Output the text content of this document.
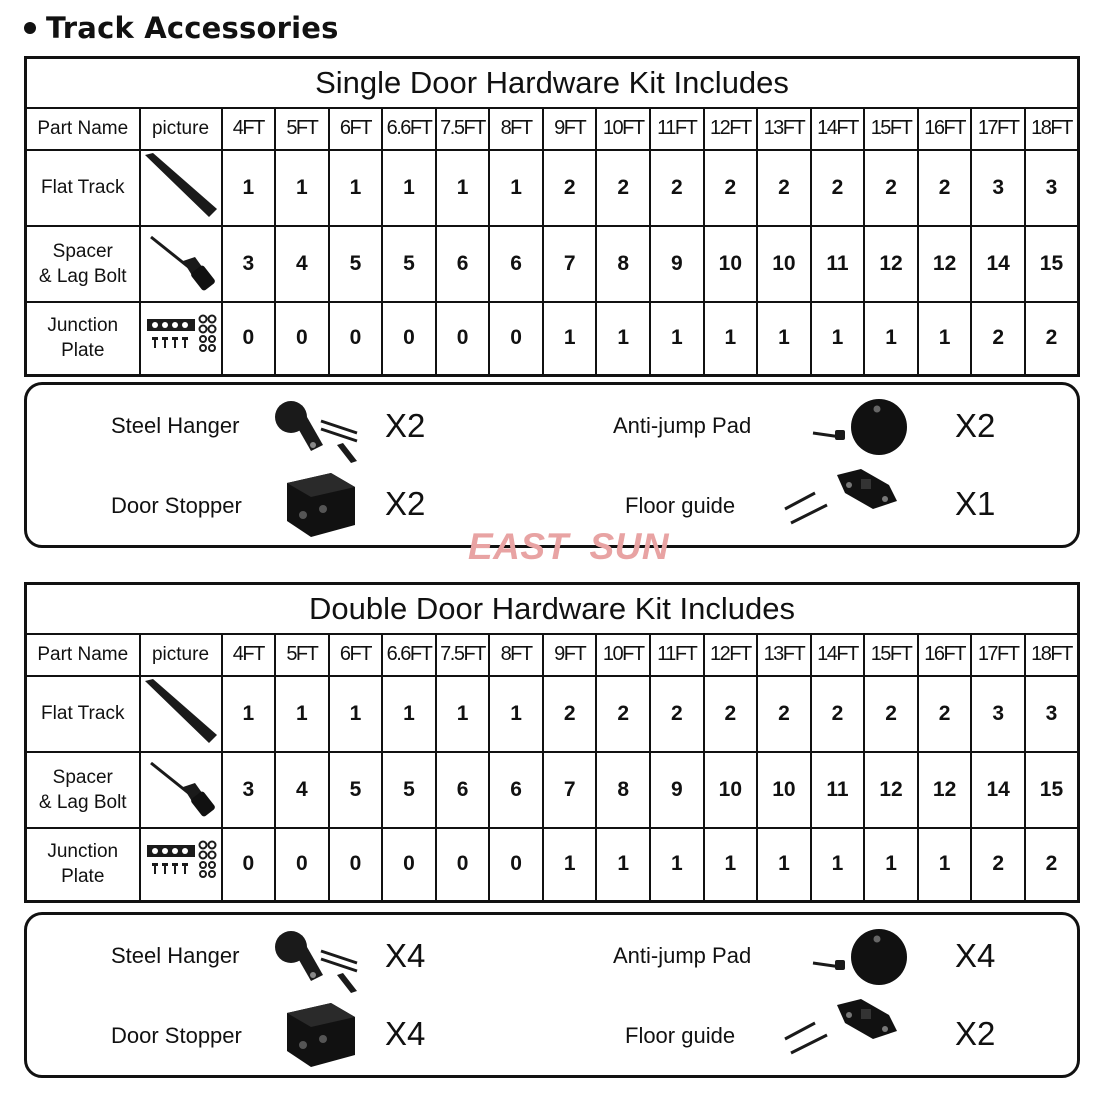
Track Accessories
Single Door Hardware Kit Includes																	
Part Name	picture	4FT	5FT	6FT	6.6FT	7.5FT	8FT	9FT	10FT	11FT	12FT	13FT	14FT	15FT	16FT	17FT	18FT

Flat Track		1	1	1	1	1	1	2	2	2	2	2	2	2	2	3	3

Spacer
& Lag Bolt		3	4	5	5	6	6	7	8	9	10	10	11	12	12	14	15

Junction
Plate		0	0	0	0	0	0	1	1	1	1	1	1	1	1	2	2
Steel Hanger	X2	Anti-jump Pad	X2
Door Stopper	X2	Floor guide	X1
EAST SUN
Double Door Hardware Kit Includes																	
Part Name	picture	4FT	5FT	6FT	6.6FT	7.5FT	8FT	9FT	10FT	11FT	12FT	13FT	14FT	15FT	16FT	17FT	18FT

Flat Track		1	1	1	1	1	1	2	2	2	2	2	2	2	2	3	3

Spacer
& Lag Bolt		3	4	5	5	6	6	7	8	9	10	10	11	12	12	14	15

Junction
Plate		0	0	0	0	0	0	1	1	1	1	1	1	1	1	2	2
Steel Hanger	X4	Anti-jump Pad	X4
Door Stopper	X4	Floor guide	X2
